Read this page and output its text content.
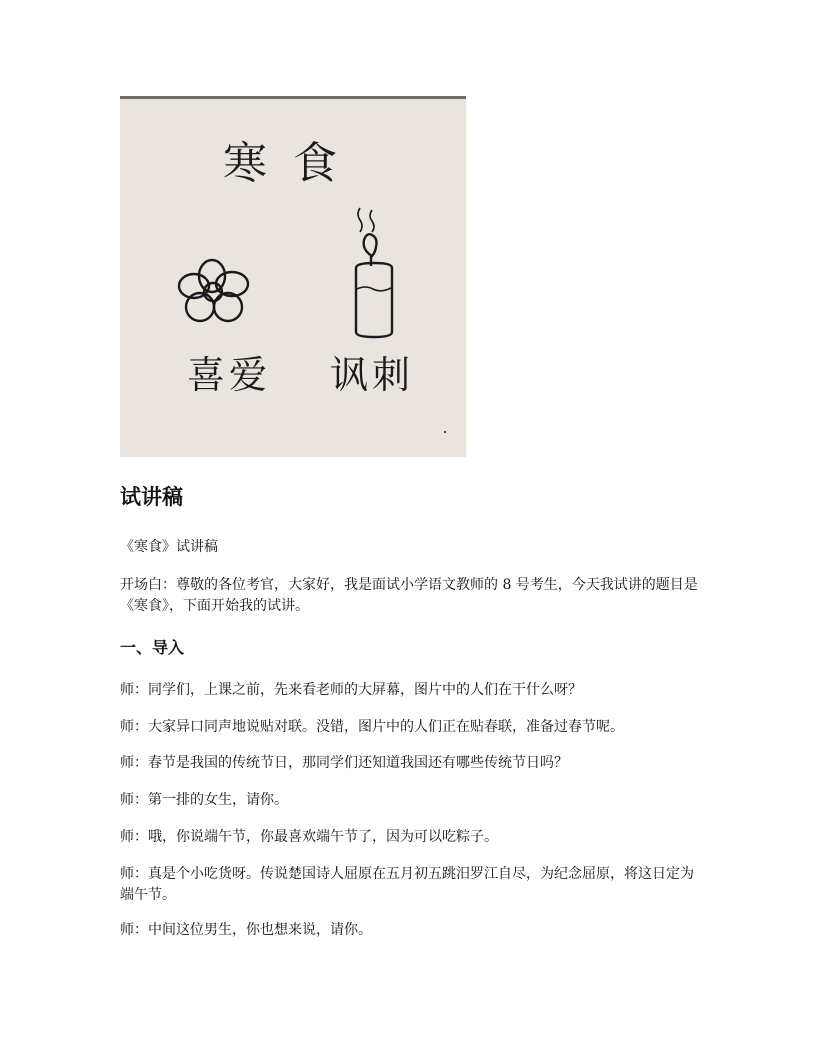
寒食
喜爱 讽刺
试讲稿

《寒食》试讲稿

开场白：尊敬的各位考官，大家好，我是面试小学语文教师的 8 号考生，今天我试讲的题目是《寒食》，下面开始我的试讲。

一、导入

师：同学们，上课之前，先来看老师的大屏幕，图片中的人们在干什么呀？

师：大家异口同声地说贴对联。没错，图片中的人们正在贴春联，准备过春节呢。

师：春节是我国的传统节日，那同学们还知道我国还有哪些传统节日吗？

师：第一排的女生，请你。

师：哦，你说端午节，你最喜欢端午节了，因为可以吃粽子。

师：真是个小吃货呀。传说楚国诗人屈原在五月初五跳汨罗江自尽，为纪念屈原，将这日定为端午节。

师：中间这位男生，你也想来说，请你。
